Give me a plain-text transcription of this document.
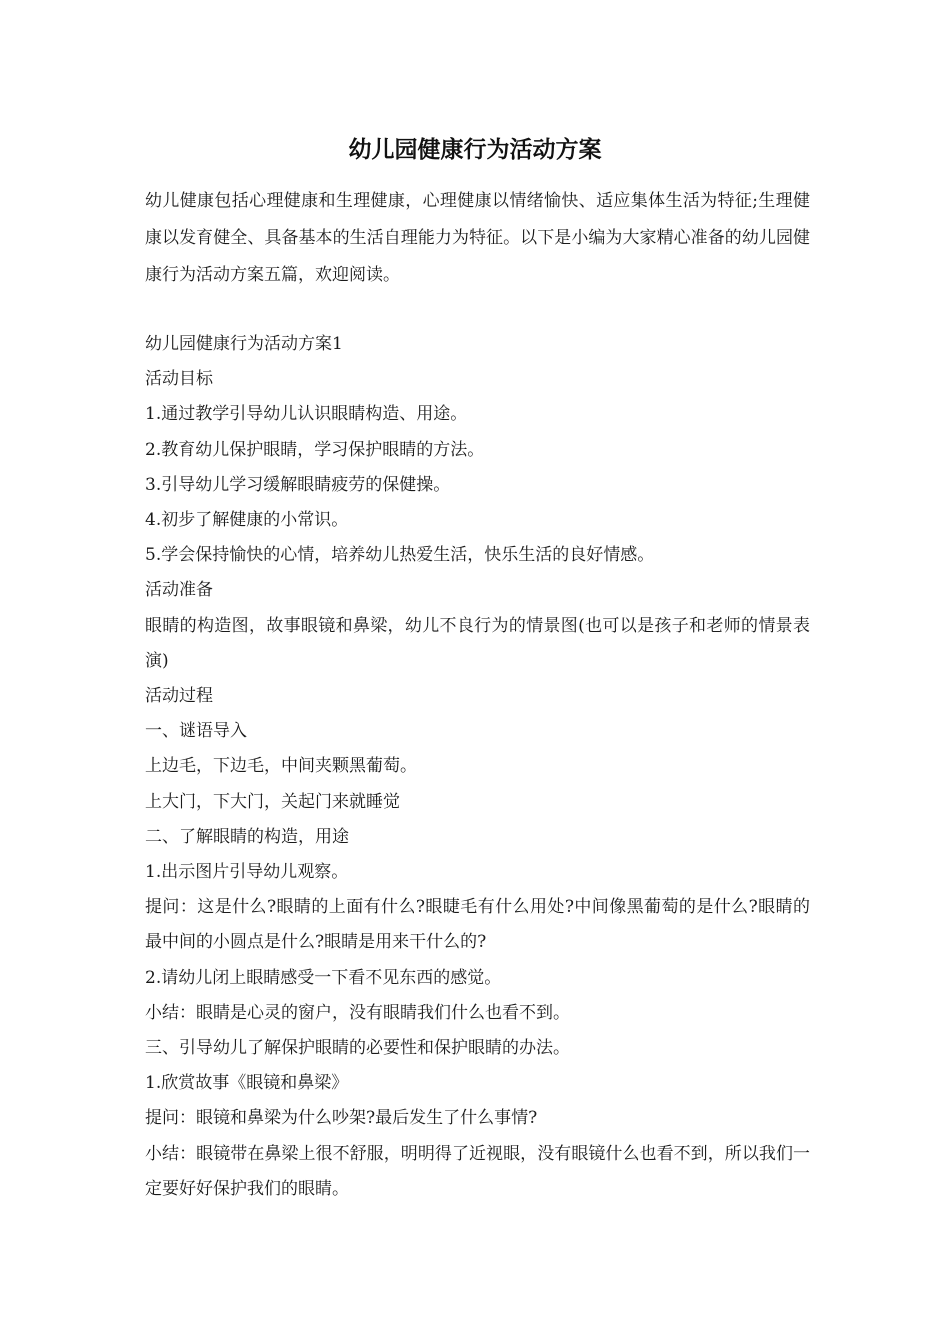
幼儿园健康行为活动方案

幼儿健康包括心理健康和生理健康，心理健康以情绪愉快、适应集体生活为特征;生理健康以发育健全、具备基本的生活自理能力为特征。以下是小编为大家精心准备的幼儿园健康行为活动方案五篇，欢迎阅读。

幼儿园健康行为活动方案1

活动目标

1.通过教学引导幼儿认识眼睛构造、用途。

2.教育幼儿保护眼睛，学习保护眼睛的方法。

3.引导幼儿学习缓解眼睛疲劳的保健操。

4.初步了解健康的小常识。

5.学会保持愉快的心情，培养幼儿热爱生活，快乐生活的良好情感。

活动准备

眼睛的构造图，故事眼镜和鼻梁，幼儿不良行为的情景图(也可以是孩子和老师的情景表演)

活动过程

一、谜语导入

上边毛，下边毛，中间夹颗黑葡萄。

上大门，下大门，关起门来就睡觉

二、了解眼睛的构造，用途

1.出示图片引导幼儿观察。

提问：这是什么?眼睛的上面有什么?眼睫毛有什么用处?中间像黑葡萄的是什么?眼睛的最中间的小圆点是什么?眼睛是用来干什么的?

2.请幼儿闭上眼睛感受一下看不见东西的感觉。

小结：眼睛是心灵的窗户，没有眼睛我们什么也看不到。

三、引导幼儿了解保护眼睛的必要性和保护眼睛的办法。

1.欣赏故事《眼镜和鼻梁》

提问：眼镜和鼻梁为什么吵架?最后发生了什么事情?

小结：眼镜带在鼻梁上很不舒服，明明得了近视眼，没有眼镜什么也看不到，所以我们一定要好好保护我们的眼睛。
